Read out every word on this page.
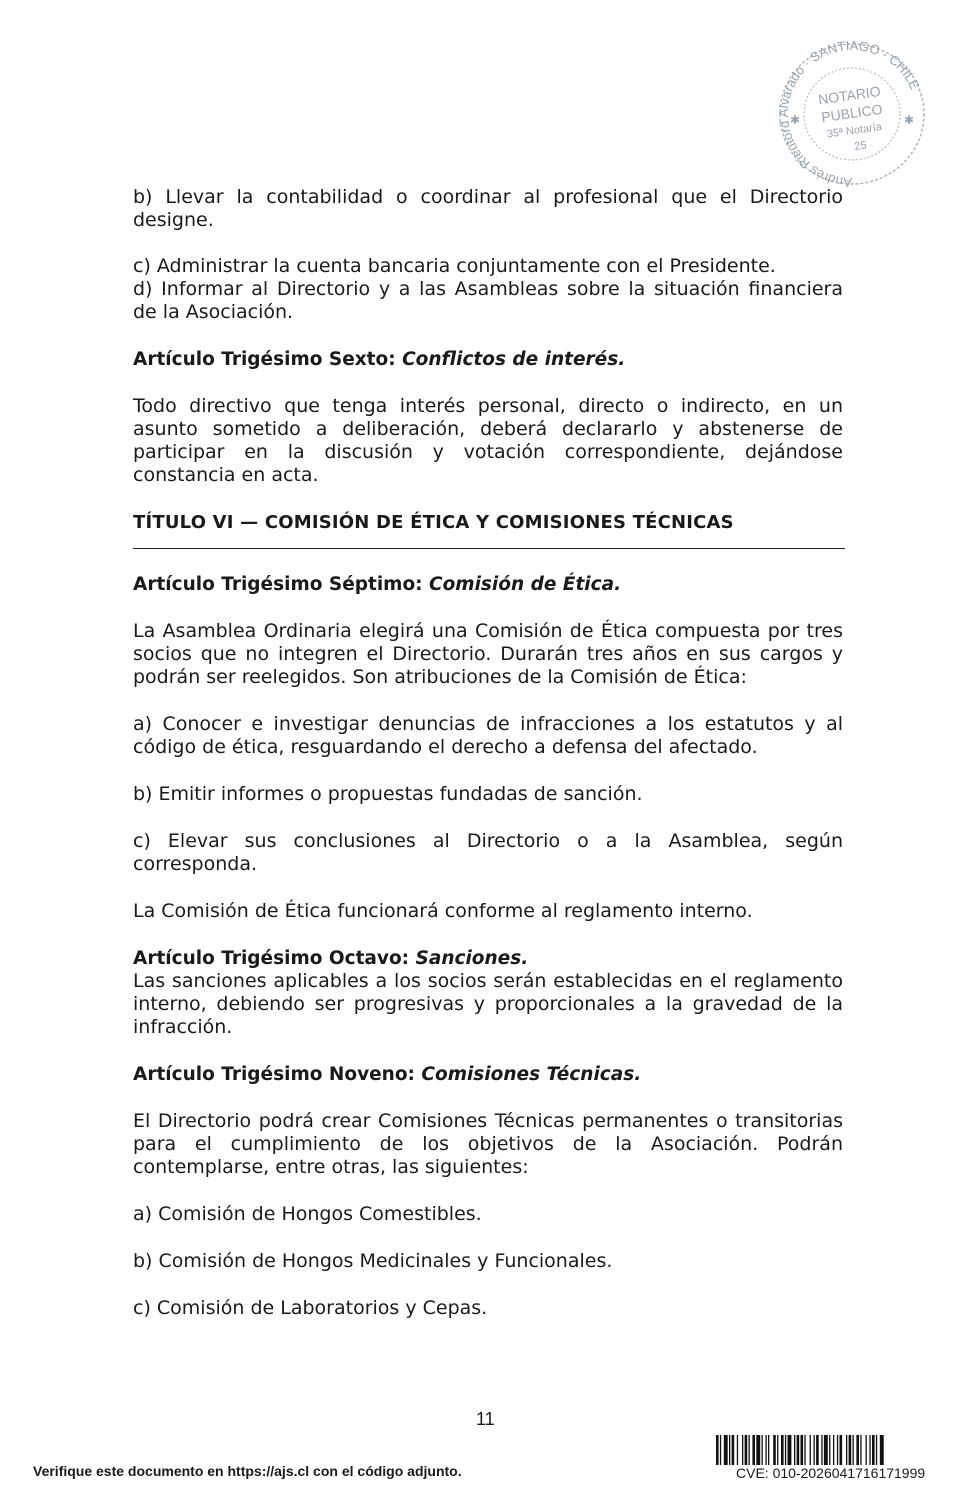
Andrés Rieutord Alvarado · SANTIAGO - CHILE
NOTARIO
PUBLICO
35ª Notaría
25
✱	✱

b) Llevar la contabilidad o coordinar al profesional que el Directorio designe.

c) Administrar la cuenta bancaria conjuntamente con el Presidente.

d) Informar al Directorio y a las Asambleas sobre la situación financiera de la Asociación.

Artículo Trigésimo Sexto: Conflictos de interés.

Todo directivo que tenga interés personal, directo o indirecto, en un asunto sometido a deliberación, deberá declararlo y abstenerse de participar en la discusión y votación correspondiente, dejándose constancia en acta.

TÍTULO VI — COMISIÓN DE ÉTICA Y COMISIONES TÉCNICAS

Artículo Trigésimo Séptimo: Comisión de Ética.

La Asamblea Ordinaria elegirá una Comisión de Ética compuesta por tres socios que no integren el Directorio. Durarán tres años en sus cargos y podrán ser reelegidos. Son atribuciones de la Comisión de Ética:

a) Conocer e investigar denuncias de infracciones a los estatutos y al código de ética, resguardando el derecho a defensa del afectado.

b) Emitir informes o propuestas fundadas de sanción.

c) Elevar sus conclusiones al Directorio o a la Asamblea, según corresponda.

La Comisión de Ética funcionará conforme al reglamento interno.

Artículo Trigésimo Octavo: Sanciones.

Las sanciones aplicables a los socios serán establecidas en el reglamento interno, debiendo ser progresivas y proporcionales a la gravedad de la infracción.

Artículo Trigésimo Noveno: Comisiones Técnicas.

El Directorio podrá crear Comisiones Técnicas permanentes o transitorias para el cumplimiento de los objetivos de la Asociación. Podrán contemplarse, entre otras, las siguientes:

a) Comisión de Hongos Comestibles.

b) Comisión de Hongos Medicinales y Funcionales.

c) Comisión de Laboratorios y Cepas.

11
Verifique este documento en https://ajs.cl con el código adjunto.	CVE: 010-2026041716171999
